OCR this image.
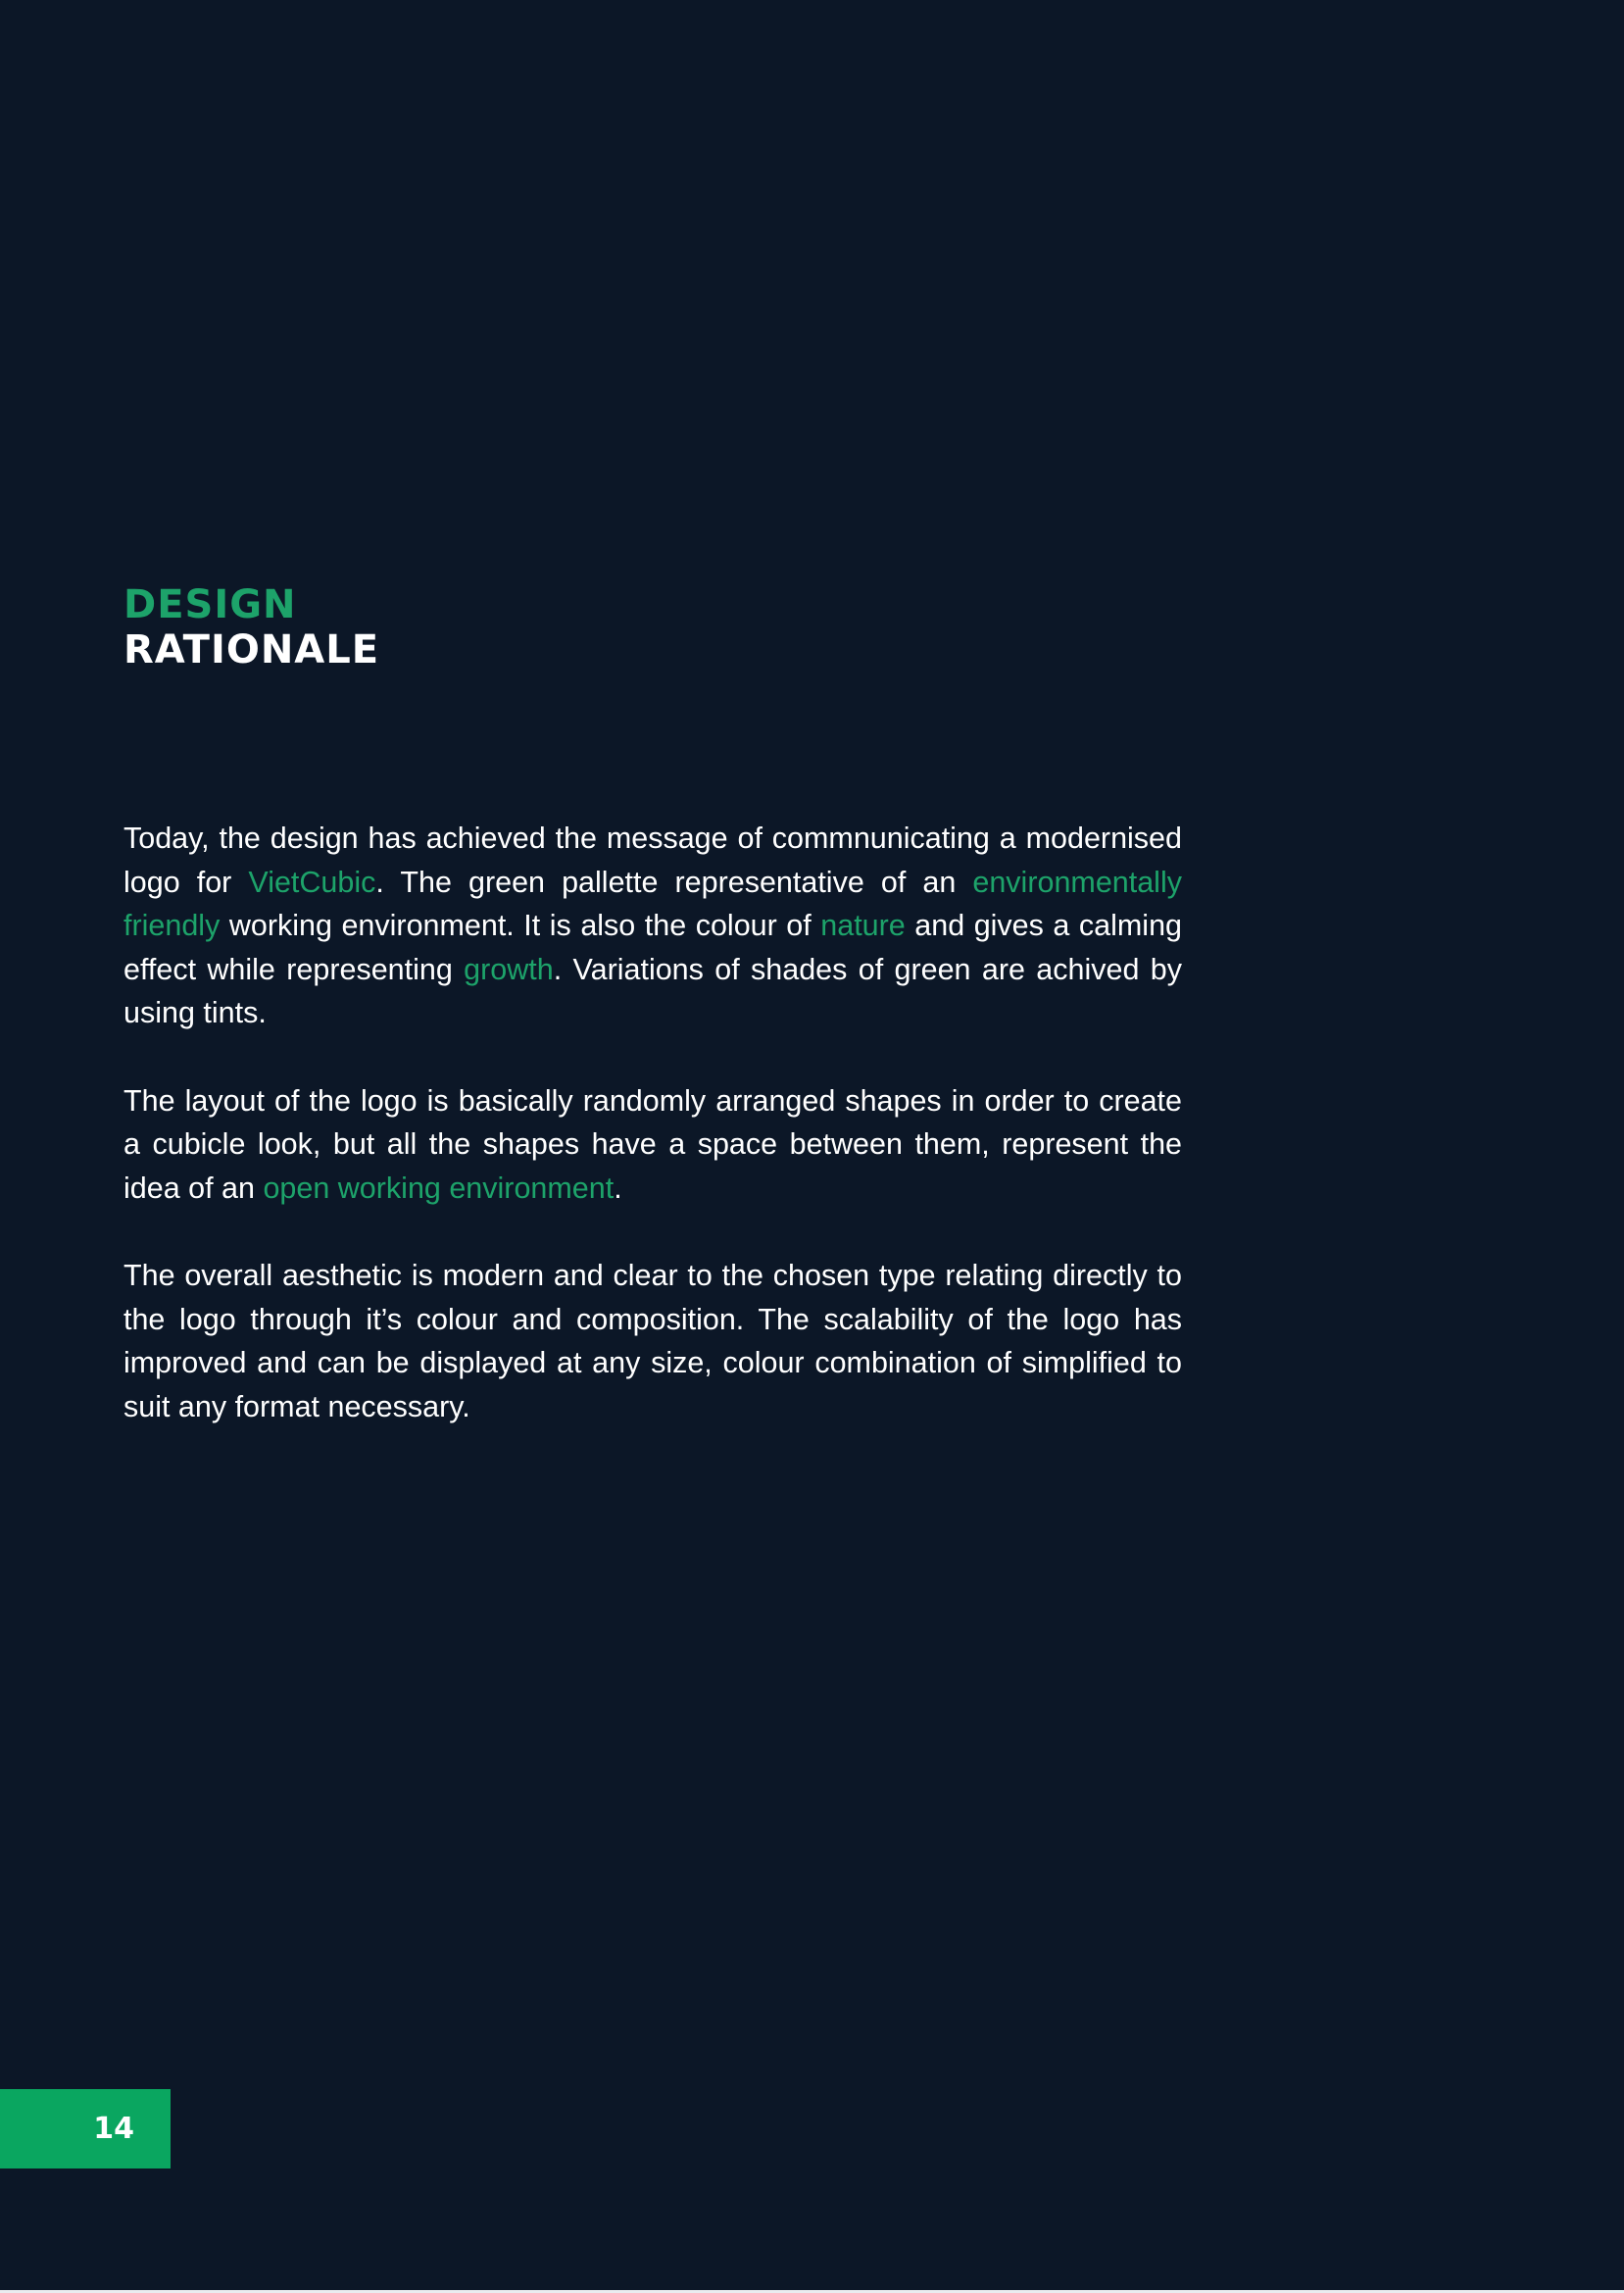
DESIGN
RATIONALE

Today, the design has achieved the message of commnunicating a modernised logo for VietCubic. The green pallette representative of an environmentally friendly working environment. It is also the colour of nature and gives a calming effect while representing growth. Variations of shades of green are achived by using tints.

The layout of the logo is basically randomly arranged shapes in order to create a cubicle look, but all the shapes have a space between them, represent the idea of an open working environment.

The overall aesthetic is modern and clear to the chosen type relating directly to the logo through it’s colour and composition. The scalability of the logo has improved and can be displayed at any size, colour combination of simplified to suit any format necessary.

14
